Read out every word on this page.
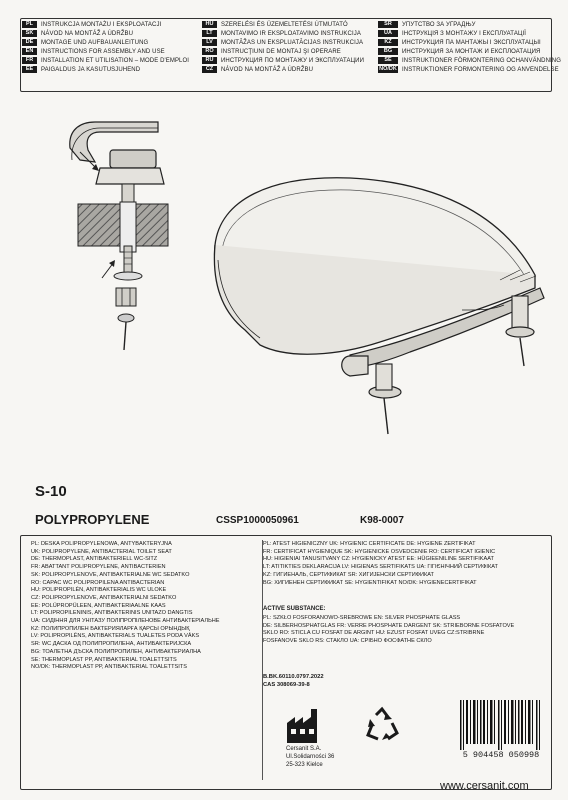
PL	INSTRUKCJA MONTAŻU I EKSPLOATACJI
SK	NÁVOD NA MONTÁŽ A ÚDRŽBU
DE	MONTAGE UND AUFBAUANLEITUNG
EN	INSTRUCTIONS FOR ASSEMBLY AND USE
FR	INSTALLATION ET UTILISATION – MODE D'EMPLOI
EE	PAIGALDUS JA KASUTUSJUHEND
HU	SZERELÉSI ÉS ÜZEMELTETÉSI ÚTMUTATÓ
LT	MONTAVIMO IR EKSPLOATAVIMO INSTRUKCIJA
LV	MONTĀŽAS UN EKSPLUATĀCIJAS INSTRUKCIJA
RO	INSTRUCŢIUNI DE MONTAJ ŞI OPERARE
RU	ИНСТРУКЦИЯ ПО МОНТАЖУ И ЭКСПЛУАТАЦИИ
CZ	NÁVOD NA MONTÁŽ A ÚDRŽBU
SR	УПУТСТВО ЗА УГРАДЊУ
UA	ІНСТРУКЦІЯ З МОНТАЖУ І ЕКСПЛУАТАЦІЇ
KZ	ИНСТРУКЦИЯ ПА МАНТАЖЫ І ЭКСПЛУАТАЦЫІ
BG	ИНСТРУКЦИЯ ЗА МОНТАЖ И ЕКСПЛОАТАЦИЯ
SE	INSTRUKTIONER FÖRMONTERING OCHANVÄNDNING
NO/DK INSTRUKTIONER FORMONTERING OG ANVENDELSE
S-10
POLYPROPYLENE	CSSP1000050961	K98-0007
PL: DESKA POLIPROPYLENOWA, ANTYBAKTERYJNA
UK: POLIPROPYLENE, ANTIBACTERIAL TOILET SEAT
DE: THERMOPLAST, ANTIBAKTERIELL WC-SITZ
FR: ABATTANT POLIPROPYLENE, ANTIBACTERIEN
SK: POLIPROPYLENOVE, ANTIBAKTERIALNE WC SEDATKO
RO: CAPAC WC POLIPROPILENA ANTIBACTERIAN
HU: POLIPROPILÉN, ANTIBAKTERIALIS WC ULOKE
CZ: POLIPROPYLENOVE, ANTIBAKTERIALNI SEDATKO
EE: POLÜPROPÜLEEN, ANTIBAKTERIAALNE KAAS
LT: POLIPROPILENINIS, ANTIBAKTERINIS UNITAZO DANGTIS
UA: СИДІННЯ ДЛЯ УНІТАЗУ ПОЛІПРОПІЛЕНОВЕ АНТИБАКТЕРІАЛЬНЕ
KZ: ПОЛИПРОПИЛЕН БАКТЕРИЯЛАРҒА ҚАРСЫ ОРЫНДЫҚ
LV: POLIPROPILĒNS, ANTIBAKTERIALS TUALETES PODA VĀKS
SR: WC ДАСКА ОД ПОЛИПРОПИЛЕНА, АНТИБАКТЕРИЈСКА
BG: ТОАЛЕТНА ДЪСКА ПОЛИПРОПИЛЕН, АНТИБАКТЕРИАЛНА
SE: THERMOPLAST PP, ANTIBAKTERIAL TOALETTSITS
NO/DK: THERMOPLAST PP, ANTIBAKTERIAL TOALETTSITS
PL: ATEST HIGIENICZNY UK: HYGIENIC CERTIFICATE DE: HYGIENE ZERTIFIKAT
FR: CERTIFICAT HYGIENIQUE SK: HYGIENICKE OSVEDCENIE RO: CERTIFICAT IGIENIC
HU: HIGIENIAI TANUSITVANY CZ: HYGIENICKY ATEST EE: HÜGIEENILINE SERTIFIKAAT
LT: ATITIKTIES DEKLARACIJA LV: HIGIENAS SERTIFIKATS UA: ГІГІЄНІЧНИЙ СЕРТИФІКАТ
KZ: ГИГИЕНАЛЬ, СЕРТИФИКАТ SR: ХИГИЈЕНСКИ СЕРТИФИКАТ
BG: ХИГИЕНЕН СЕРТИФИКАТ SE: HYGIENTIFIKAT NO/DK: HYGIENECERTIFIKAT
ACTIVE SUBSTANCE:
PL: SZKŁO FOSFORANOWO-SREBROWE EN: SILVER PHOSPHATE GLASS
DE: SILBERHOSPHATGLAS FR: VERRE PHOSPHATE DARGENT SK: STRIEBORNE FOSFATOVE
SKLO RO: STICLA CU FOSFAT DE ARGINT HU: EZUST FOSFAT UVEG CZ:STRIBRNE
FOSFANOVE SKLO RS: СТАКЛО UA: СРІБНО ФОСФАТНЕ СКЛО
B.BK.60110.0797.2022
CAS 308069-39-8
Cersanit S.A.
Ul.Solidarności 36
25-323 Kielce
5 904458 050998
www.cersanit.com
